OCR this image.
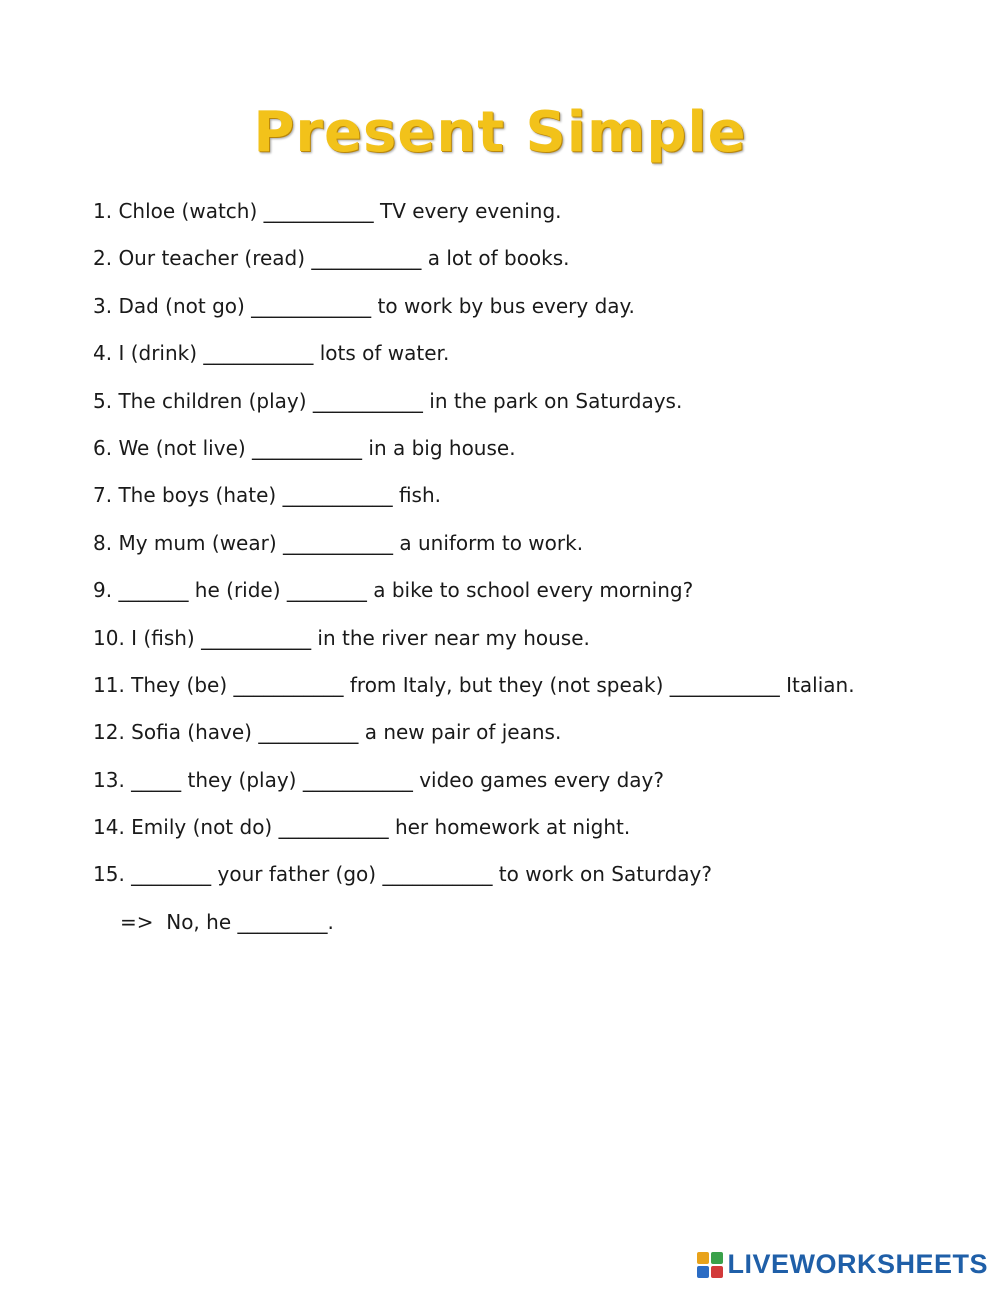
Present Simple
1. Chloe (watch) ___________ TV every evening.
2. Our teacher (read) ___________ a lot of books.
3. Dad (not go) ____________ to work by bus every day.
4. I (drink) ___________ lots of water.
5. The children (play) ___________ in the park on Saturdays.
6. We (not live) ___________ in a big house.
7. The boys (hate) ___________ fish.
8. My mum (wear) ___________ a uniform to work.
9. _______ he (ride) ________ a bike to school every morning?
10. I (fish) ___________ in the river near my house.
11. They (be) ___________ from Italy, but they (not speak) ___________ Italian.
12. Sofia (have) __________ a new pair of jeans.
13. _____ they (play) ___________ video games every day?
14. Emily (not do) ___________ her homework at night.
15. ________ your father (go) ___________ to work on Saturday?
=>  No, he _________.
LIVEWORKSHEETS
